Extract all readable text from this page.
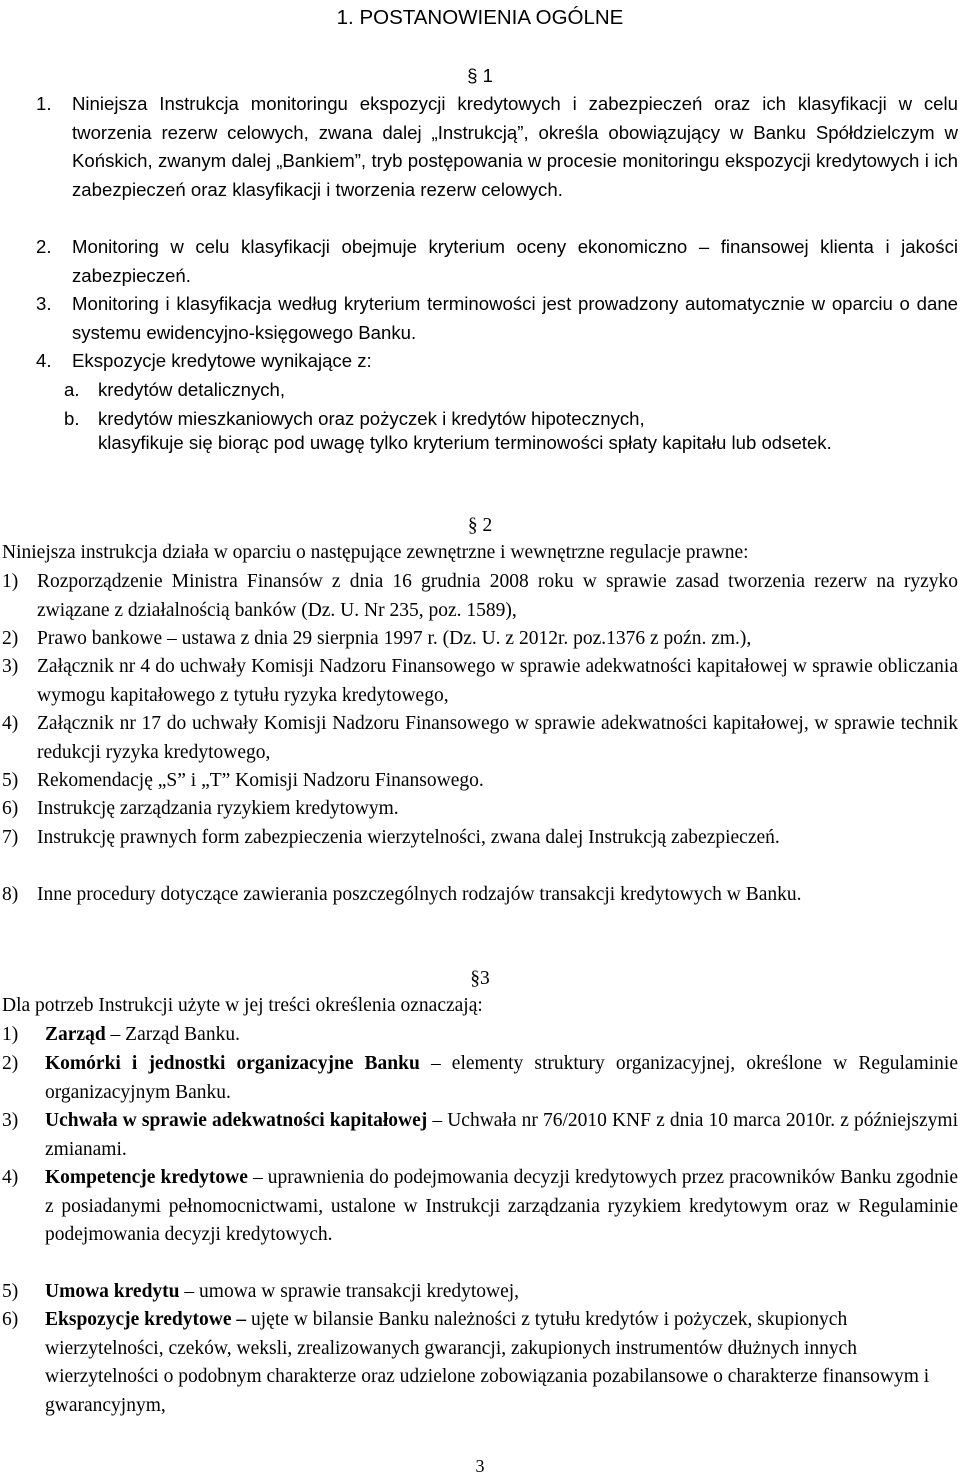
1. POSTANOWIENIA OGÓLNE
§ 1
1. Niniejsza Instrukcja monitoringu ekspozycji kredytowych i zabezpieczeń oraz ich klasyfikacji w celu tworzenia rezerw celowych, zwana dalej „Instrukcją”, określa obowiązujący w Banku Spółdzielczym w Końskich, zwanym dalej „Bankiem”, tryb postępowania w procesie monitoringu ekspozycji kredytowych i ich zabezpieczeń oraz klasyfikacji i tworzenia rezerw celowych.
2. Monitoring w celu klasyfikacji obejmuje kryterium oceny ekonomiczno – finansowej klienta i jakości zabezpieczeń.
3. Monitoring i klasyfikacja według kryterium terminowości jest prowadzony automatycznie w oparciu o dane systemu ewidencyjno-księgowego Banku.
4. Ekspozycje kredytowe wynikające z:
a. kredytów detalicznych,
b. kredytów mieszkaniowych oraz pożyczek i kredytów hipotecznych,
klasyfikuje się biorąc pod uwagę tylko kryterium terminowości spłaty kapitału lub odsetek.
§ 2
Niniejsza instrukcja działa w oparciu o następujące zewnętrzne i wewnętrzne regulacje prawne:
1) Rozporządzenie Ministra Finansów z dnia 16 grudnia 2008 roku w sprawie zasad tworzenia rezerw na ryzyko związane z działalnością banków (Dz. U. Nr 235, poz. 1589),
2) Prawo bankowe – ustawa z dnia 29 sierpnia 1997 r. (Dz. U. z 2012r. poz.1376 z poźn. zm.),
3) Załącznik nr 4 do uchwały Komisji Nadzoru Finansowego w sprawie adekwatności kapitałowej w sprawie obliczania wymogu kapitałowego z tytułu ryzyka kredytowego,
4) Załącznik nr 17 do uchwały Komisji Nadzoru Finansowego w sprawie adekwatności kapitałowej, w sprawie technik redukcji ryzyka kredytowego,
5) Rekomendację „S” i „T” Komisji Nadzoru Finansowego.
6) Instrukcję zarządzania ryzykiem kredytowym.
7) Instrukcję prawnych form zabezpieczenia wierzytelności, zwana dalej Instrukcją zabezpieczeń.
8) Inne procedury dotyczące zawierania poszczególnych rodzajów transakcji kredytowych w Banku.
§3
Dla potrzeb Instrukcji użyte w jej treści określenia oznaczają:
1) Zarząd – Zarząd Banku.
2) Komórki i jednostki organizacyjne Banku – elementy struktury organizacyjnej, określone w Regulaminie organizacyjnym Banku.
3) Uchwała w sprawie adekwatności kapitałowej – Uchwała nr 76/2010 KNF z dnia 10 marca 2010r. z późniejszymi zmianami.
4) Kompetencje kredytowe – uprawnienia do podejmowania decyzji kredytowych przez pracowników Banku zgodnie z posiadanymi pełnomocnictwami, ustalone w Instrukcji zarządzania ryzykiem kredytowym oraz w Regulaminie podejmowania decyzji kredytowych.
5) Umowa kredytu – umowa w sprawie transakcji kredytowej,
6) Ekspozycje kredytowe – ujęte w bilansie Banku należności z tytułu kredytów i pożyczek, skupionych wierzytelności, czeków, weksli, zrealizowanych gwarancji, zakupionych instrumentów dłużnych innych wierzytelności o podobnym charakterze oraz udzielone zobowiązania pozabilansowe o charakterze finansowym i gwarancyjnym,
3
